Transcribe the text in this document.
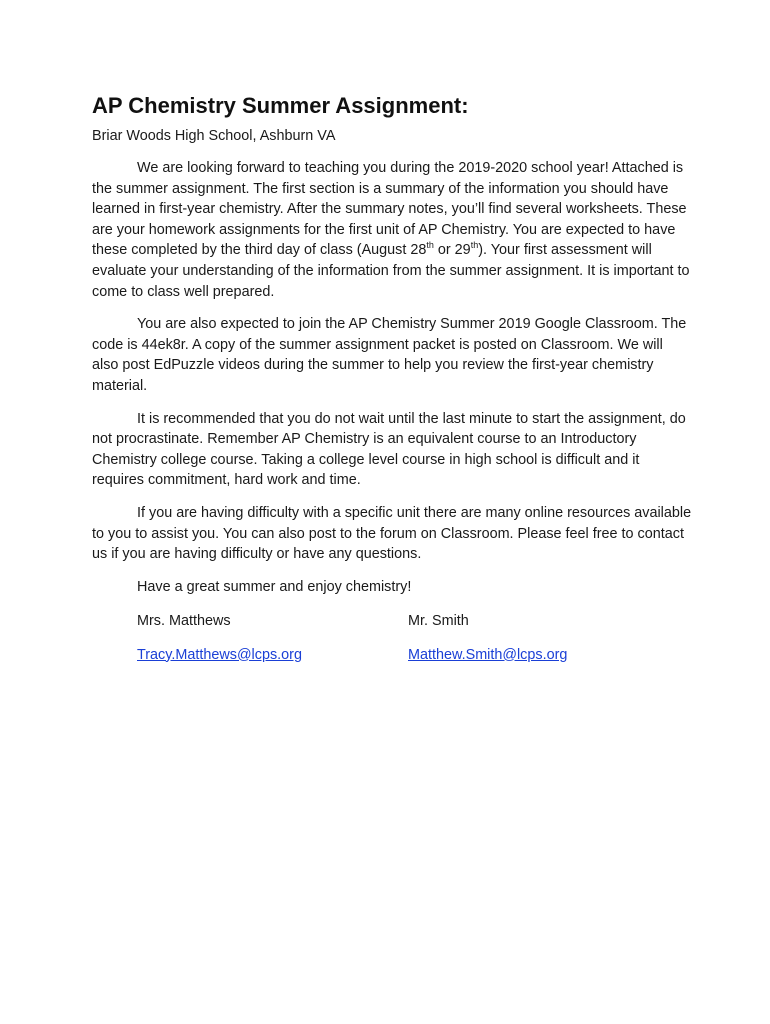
AP Chemistry Summer Assignment:
Briar Woods High School, Ashburn VA

We are looking forward to teaching you during the 2019-2020 school year! Attached is the summer assignment. The first section is a summary of the information you should have learned in first-year chemistry. After the summary notes, you’ll find several worksheets. These are your homework assignments for the first unit of AP Chemistry. You are expected to have these completed by the third day of class (August 28th or 29th). Your first assessment will evaluate your understanding of the information from the summer assignment. It is important to come to class well prepared.

You are also expected to join the AP Chemistry Summer 2019 Google Classroom. The code is 44ek8r. A copy of the summer assignment packet is posted on Classroom. We will also post EdPuzzle videos during the summer to help you review the first-year chemistry material.

It is recommended that you do not wait until the last minute to start the assignment, do not procrastinate. Remember AP Chemistry is an equivalent course to an Introductory Chemistry college course. Taking a college level course in high school is difficult and it requires commitment, hard work and time.

If you are having difficulty with a specific unit there are many online resources available to you to assist you. You can also post to the forum on Classroom. Please feel free to contact us if you are having difficulty or have any questions.

Have a great summer and enjoy chemistry!
Mrs. Matthews	Mr. Smith
Tracy.Matthews@lcps.org	Matthew.Smith@lcps.org
